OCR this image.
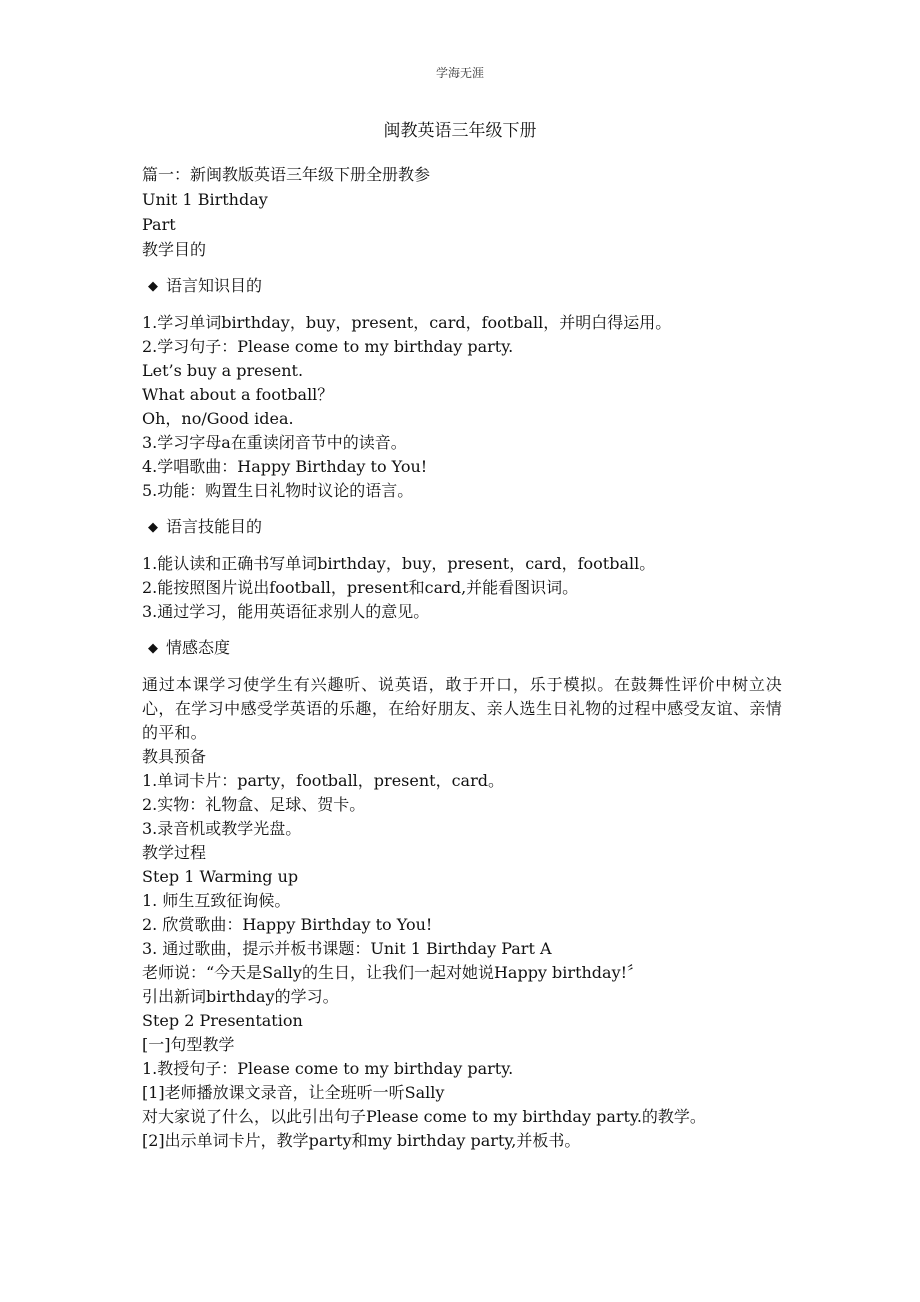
学海无涯
闽教英语三年级下册
篇一：新闽教版英语三年级下册全册教参
Unit 1 Birthday
Part
教学目的
◆ 语言知识目的
1.学习单词birthday，buy，present，card，football，并明白得运用。
2.学习句子：Please come to my birthday party.
Let’s buy a present.
What about a football？
Oh，no/Good idea.
3.学习字母a在重读闭音节中的读音。
4.学唱歌曲：Happy Birthday to You!
5.功能：购置生日礼物时议论的语言。
◆ 语言技能目的
1.能认读和正确书写单词birthday，buy，present，card，football。
2.能按照图片说出football，present和card,并能看图识词。
3.通过学习，能用英语征求别人的意见。
◆ 情感态度
通过本课学习使学生有兴趣听、说英语，敢于开口，乐于模拟。在鼓舞性评价中树立决心，在学习中感受学英语的乐趣，在给好朋友、亲人选生日礼物的过程中感受友谊、亲情的平和。
教具预备
1.单词卡片：party，football，present，card。
2.实物：礼物盒、足球、贺卡。
3.录音机或教学光盘。
教学过程
Step 1 Warming up
1. 师生互致征询候。
2. 欣赏歌曲：Happy Birthday to You!
3. 通过歌曲，提示并板书课题：Unit 1 Birthday Part A
老师说：“今天是Sally的生日，让我们一起对她说Happy birthday!〞
引出新词birthday的学习。
Step 2 Presentation
[一]句型教学
1.教授句子：Please come to my birthday party.
[1]老师播放课文录音，让全班听一听Sally
对大家说了什么，以此引出句子Please come to my birthday party.的教学。
[2]出示单词卡片，教学party和my birthday party,并板书。
